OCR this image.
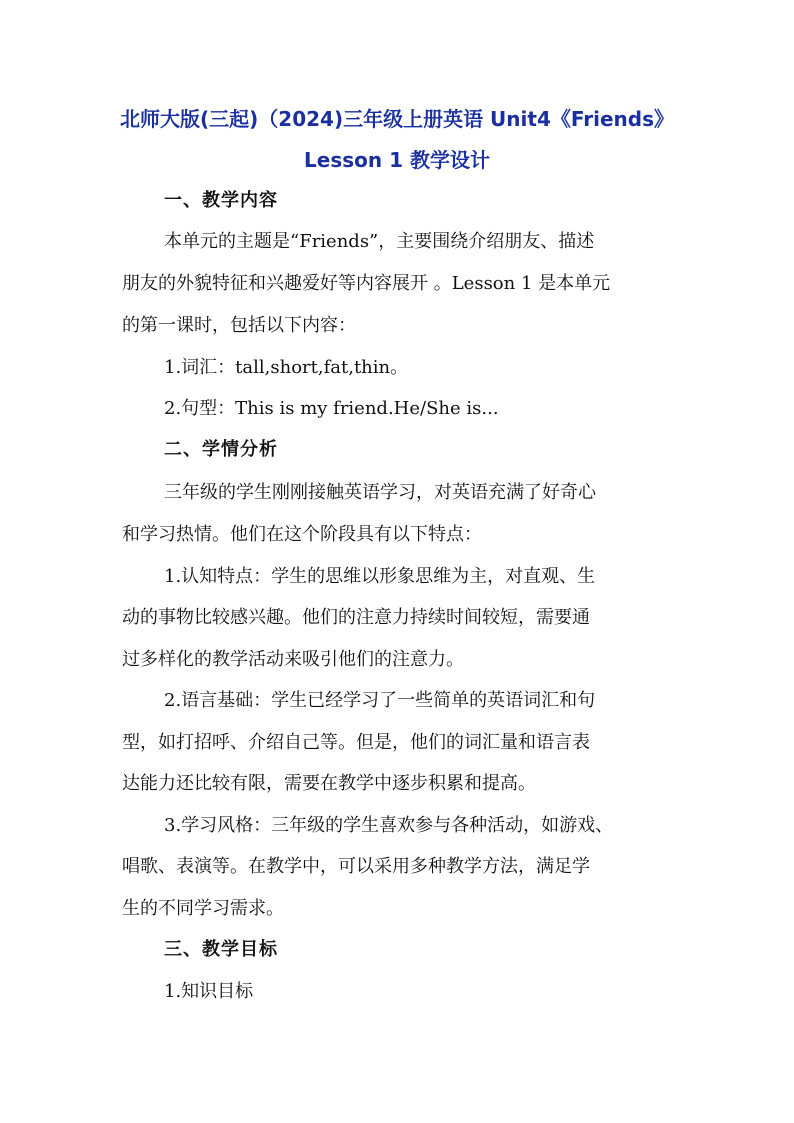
北师大版(三起)（2024)三年级上册英语 Unit4《Friends》
Lesson 1 教学设计
一、教学内容
本单元的主题是“Friends”，主要围绕介绍朋友、描述
朋友的外貌特征和兴趣爱好等内容展开 。Lesson 1 是本单元
的第一课时，包括以下内容：
1.词汇：tall,short,fat,thin。
2.句型：This is my friend.He/She is...
二、学情分析
三年级的学生刚刚接触英语学习，对英语充满了好奇心
和学习热情。他们在这个阶段具有以下特点：
1.认知特点：学生的思维以形象思维为主，对直观、生
动的事物比较感兴趣。他们的注意力持续时间较短，需要通
过多样化的教学活动来吸引他们的注意力。
2.语言基础：学生已经学习了一些简单的英语词汇和句
型，如打招呼、介绍自己等。但是，他们的词汇量和语言表
达能力还比较有限，需要在教学中逐步积累和提高。
3.学习风格：三年级的学生喜欢参与各种活动，如游戏、
唱歌、表演等。在教学中，可以采用多种教学方法，满足学
生的不同学习需求。
三、教学目标
1.知识目标
